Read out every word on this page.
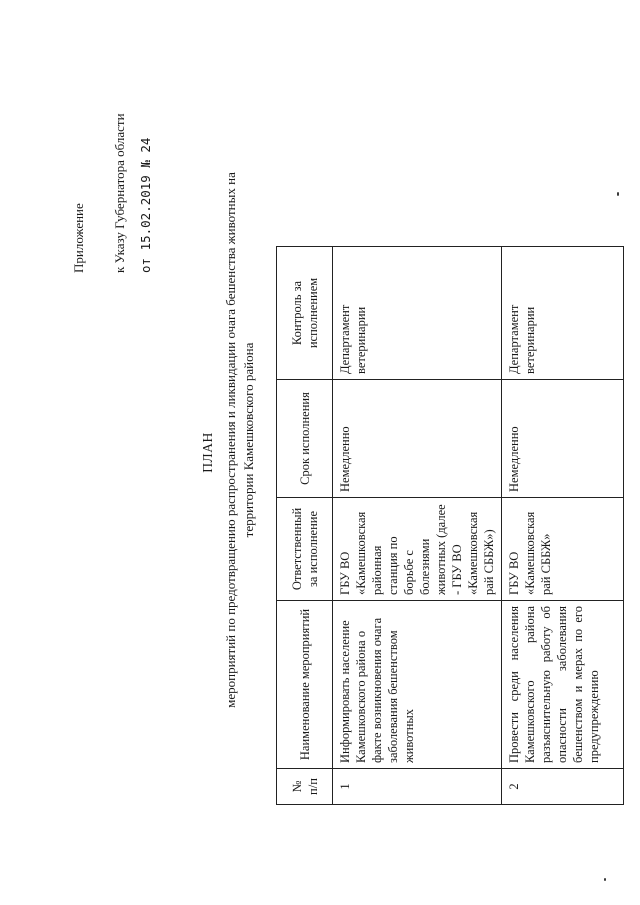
Приложение к Указу Губернатора области от 15.02.2019 № 24
ПЛАН мероприятий по предотвращению распространения и ликвидации очага бешенства животных на территории Камешковского района
№ п/п	Наименование мероприятий	Ответственный за исполнение	Срок исполнения	Контроль за исполнением
1	Информировать население Камешковского района о факте возникновения очага заболевания бешенством животных	ГБУ ВО «Камешковская районная станция по борьбе с болезнями животных (далее - ГБУ ВО «Камешковская рай СББЖ»)	Немедленно	Департамент ветеринарии
2	Провести среди населения Камешковского района разъяснительную работу об опасности заболевания бешенством и мерах по его предупреждению	ГБУ ВО «Камешковская рай СББЖ»	Немедленно	Департамент ветеринарии
